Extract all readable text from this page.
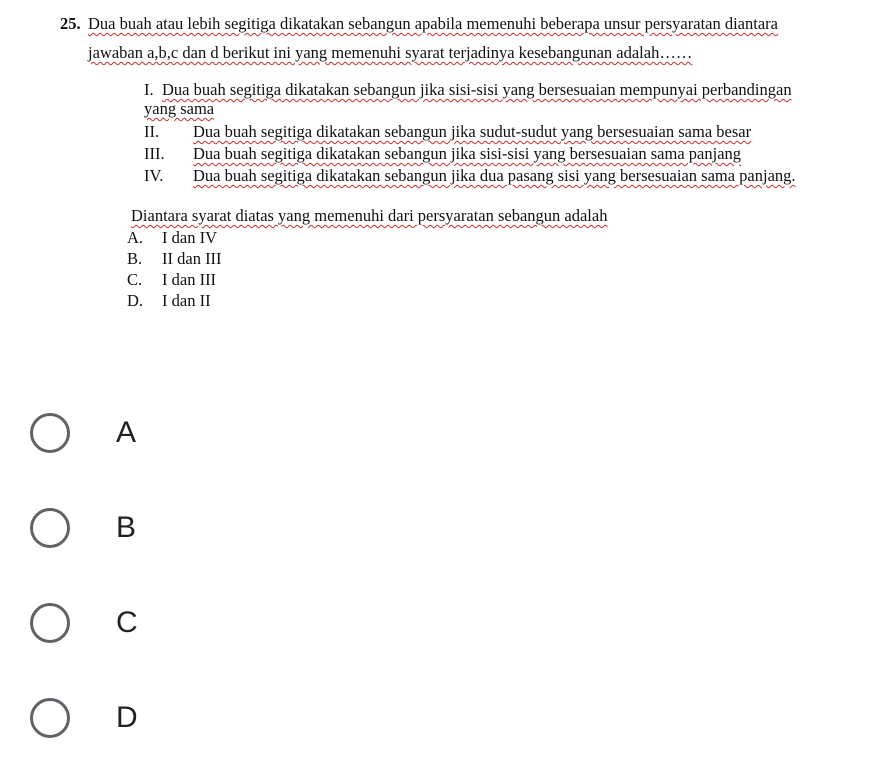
25. Dua buah atau lebih segitiga dikatakan sebangun apabila memenuhi beberapa unsur persyaratan diantara
jawaban a,b,c dan d berikut ini yang memenuhi syarat terjadinya kesebangunan adalah……
I. Dua buah segitiga dikatakan sebangun jika sisi-sisi yang bersesuaian mempunyai perbandingan
yang sama
II. Dua buah segitiga dikatakan sebangun jika sudut-sudut yang bersesuaian sama besar
III. Dua buah segitiga dikatakan sebangun jika sisi-sisi yang bersesuaian sama panjang
IV. Dua buah segitiga dikatakan sebangun jika dua pasang sisi yang bersesuaian sama panjang.
Diantara syarat diatas yang memenuhi dari persyaratan sebangun adalah
A. I dan IV
B. II dan III
C. I dan III
D. I dan II
A
B
C
D
